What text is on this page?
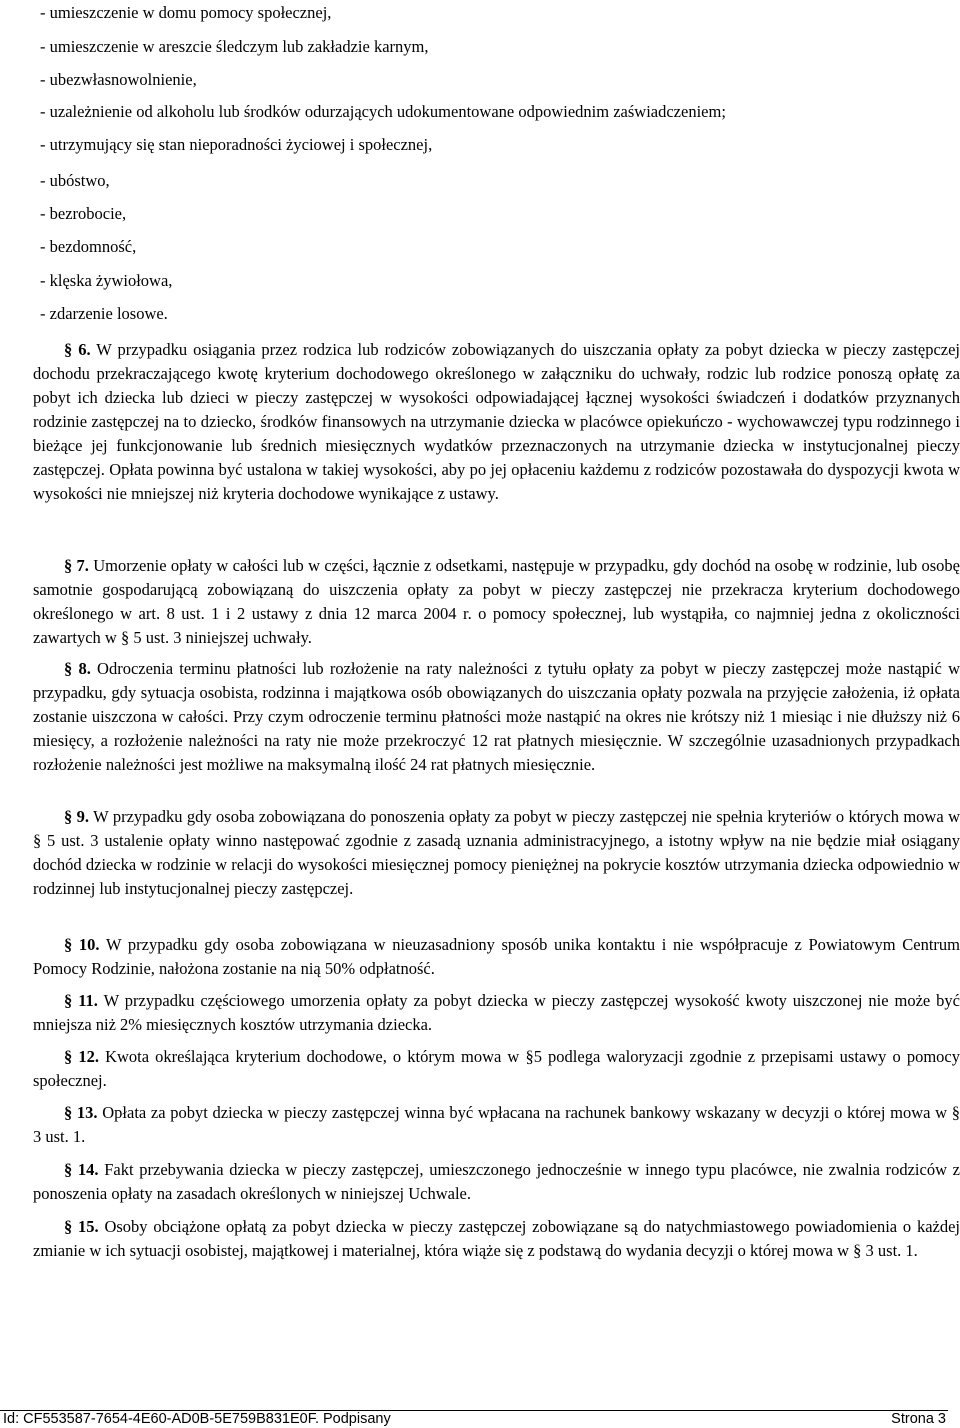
- umieszczenie w domu pomocy społecznej,
- umieszczenie w areszcie śledczym lub zakładzie karnym,
- ubezwłasnowolnienie,
- uzależnienie od alkoholu lub środków odurzających udokumentowane odpowiednim zaświadczeniem;
- utrzymujący się stan nieporadności życiowej i społecznej,
- ubóstwo,
- bezrobocie,
- bezdomność,
- klęska żywiołowa,
- zdarzenie losowe.

§ 6. W przypadku osiągania przez rodzica lub rodziców zobowiązanych do uiszczania opłaty za pobyt dziecka w pieczy zastępczej dochodu przekraczającego kwotę kryterium dochodowego określonego w załączniku do uchwały, rodzic lub rodzice ponoszą opłatę za pobyt ich dziecka lub dzieci w pieczy zastępczej w wysokości odpowiadającej łącznej wysokości świadczeń i dodatków przyznanych rodzinie zastępczej na to dziecko, środków finansowych na utrzymanie dziecka w placówce opiekuńczo - wychowawczej typu rodzinnego i bieżące jej funkcjonowanie lub średnich miesięcznych wydatków przeznaczonych na utrzymanie dziecka w instytucjonalnej pieczy zastępczej. Opłata powinna być ustalona w takiej wysokości, aby po jej opłaceniu każdemu z rodziców pozostawała do dyspozycji kwota w wysokości nie mniejszej niż kryteria dochodowe wynikające z ustawy.

§ 7. Umorzenie opłaty w całości lub w części, łącznie z odsetkami, następuje w przypadku, gdy dochód na osobę w rodzinie, lub osobę samotnie gospodarującą zobowiązaną do uiszczenia opłaty za pobyt w pieczy zastępczej nie przekracza kryterium dochodowego określonego w art. 8 ust. 1 i 2 ustawy z dnia 12 marca 2004 r. o pomocy społecznej, lub wystąpiła, co najmniej jedna z okoliczności zawartych w § 5 ust. 3 niniejszej uchwały.

§ 8. Odroczenia terminu płatności lub rozłożenie na raty należności z tytułu opłaty za pobyt w pieczy zastępczej może nastąpić w przypadku, gdy sytuacja osobista, rodzinna i majątkowa osób obowiązanych do uiszczania opłaty pozwala na przyjęcie założenia, iż opłata zostanie uiszczona w całości. Przy czym odroczenie terminu płatności może nastąpić na okres nie krótszy niż 1 miesiąc i nie dłuższy niż 6 miesięcy, a rozłożenie należności na raty nie może przekroczyć 12 rat płatnych miesięcznie. W szczególnie uzasadnionych przypadkach rozłożenie należności jest możliwe na maksymalną ilość 24 rat płatnych miesięcznie.

§ 9. W przypadku gdy osoba zobowiązana do ponoszenia opłaty za pobyt w pieczy zastępczej nie spełnia kryteriów o których mowa w § 5 ust. 3 ustalenie opłaty winno następować zgodnie z zasadą uznania administracyjnego, a istotny wpływ na nie będzie miał osiągany dochód dziecka w rodzinie w relacji do wysokości miesięcznej pomocy pieniężnej na pokrycie kosztów utrzymania dziecka odpowiednio w rodzinnej lub instytucjonalnej pieczy zastępczej.

§ 10. W przypadku gdy osoba zobowiązana w nieuzasadniony sposób unika kontaktu i nie współpracuje z Powiatowym Centrum Pomocy Rodzinie, nałożona zostanie na nią 50% odpłatność.

§ 11. W przypadku częściowego umorzenia opłaty za pobyt dziecka w pieczy zastępczej wysokość kwoty uiszczonej nie może być mniejsza niż 2% miesięcznych kosztów utrzymania dziecka.

§ 12. Kwota określająca kryterium dochodowe, o którym mowa w §5 podlega waloryzacji zgodnie z przepisami ustawy o pomocy społecznej.

§ 13. Opłata za pobyt dziecka w pieczy zastępczej winna być wpłacana na rachunek bankowy wskazany w decyzji o której mowa w § 3 ust. 1.

§ 14. Fakt przebywania dziecka w pieczy zastępczej, umieszczonego jednocześnie w innego typu placówce, nie zwalnia rodziców z ponoszenia opłaty na zasadach określonych w niniejszej Uchwale.

§ 15. Osoby obciążone opłatą za pobyt dziecka w pieczy zastępczej zobowiązane są do natychmiastowego powiadomienia o każdej zmianie w ich sytuacji osobistej, majątkowej i materialnej, która wiąże się z podstawą do wydania decyzji o której mowa w § 3 ust. 1.

Id: CF553587-7654-4E60-AD0B-5E759B831E0F. Podpisany	Strona 3
